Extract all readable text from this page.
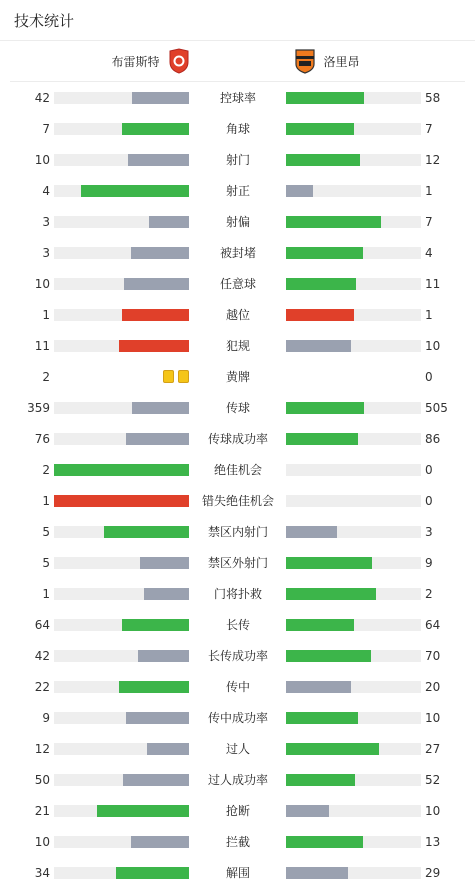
技术统计
布雷斯特	洛里昂
42	控球率	58
7	角球	7
10	射门	12
4	射正	1
3	射偏	7
3	被封堵	4
10	任意球	11
1	越位	1
11	犯规	10
2	黄牌	0
359	传球	505
76	传球成功率	86
2	绝佳机会	0
1	错失绝佳机会	0
5	禁区内射门	3
5	禁区外射门	9
1	门将扑救	2
64	长传	64
42	长传成功率	70
22	传中	20
9	传中成功率	10
12	过人	27
50	过人成功率	52
21	抢断	10
10	拦截	13
34	解围	29
